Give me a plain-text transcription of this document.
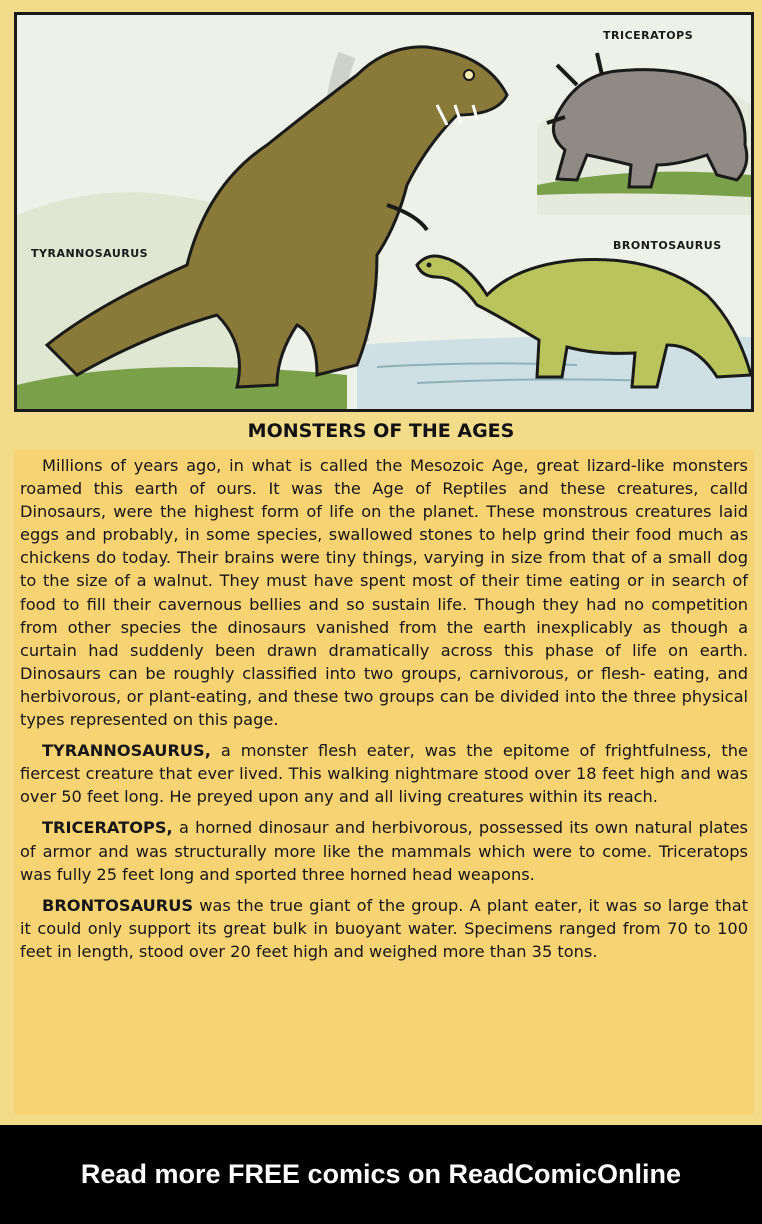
TRICERATOPS
TYRANNOSAURUS
BRONTOSAURUS
MONSTERS OF THE AGES

Millions of years ago, in what is called the Mesozoic Age, great lizard-like monsters roamed this earth of ours. It was the Age of Reptiles and these creatures, calld Dinosaurs, were the highest form of life on the planet. These monstrous creatures laid eggs and probably, in some species, swallowed stones to help grind their food much as chickens do today. Their brains were tiny things, varying in size from that of a small dog to the size of a walnut. They must have spent most of their time eating or in search of food to fill their cavernous bellies and so sustain life. Though they had no competition from other species the dinosaurs vanished from the earth inexplicably as though a curtain had suddenly been drawn dramatically across this phase of life on earth. Dinosaurs can be roughly classified into two groups, carnivorous, or flesh- eating, and herbivorous, or plant-eating, and these two groups can be divided into the three physical types represented on this page.

TYRANNOSAURUS, a monster flesh eater, was the epitome of frightfulness, the fiercest creature that ever lived. This walking nightmare stood over 18 feet high and was over 50 feet long. He preyed upon any and all living creatures within its reach.

TRICERATOPS, a horned dinosaur and herbivorous, possessed its own natural plates of armor and was structurally more like the mammals which were to come. Triceratops was fully 25 feet long and sported three horned head weapons.

BRONTOSAURUS was the true giant of the group. A plant eater, it was so large that it could only support its great bulk in buoyant water. Specimens ranged from 70 to 100 feet in length, stood over 20 feet high and weighed more than 35 tons.

Read more FREE comics on ReadComicOnline
